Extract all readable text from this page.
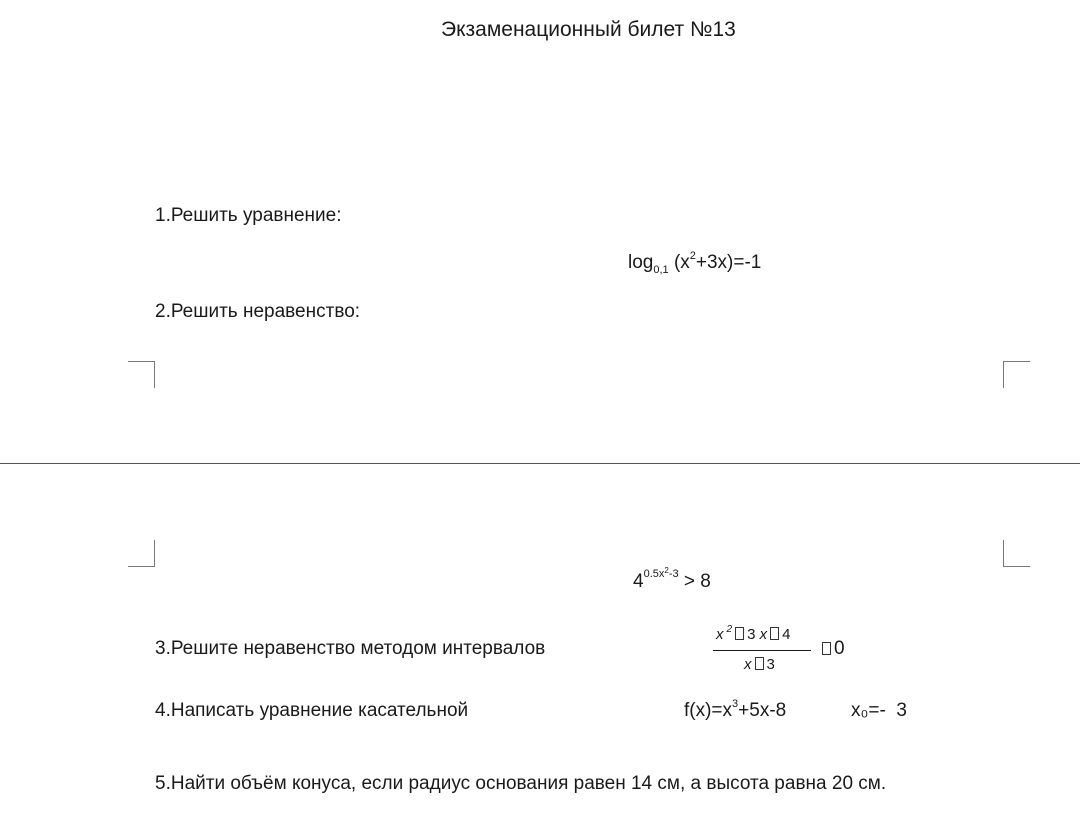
Экзаменационный билет №13
1.Решить уравнение:
$\log_{0,1} (x^2+3x)=-1$
2.Решить неравенство:
$4^{0.5x^2-3} > 8$
3.Решите неравенство методом интервалов
x $^2$ 3 x 4
x 3
0
4.Написать уравнение касательной	$f(x)=x^3+5x-8$	x₀=-  3
5.Найти объём конуса, если радиус основания равен 14 см, а высота равна 20 см.
